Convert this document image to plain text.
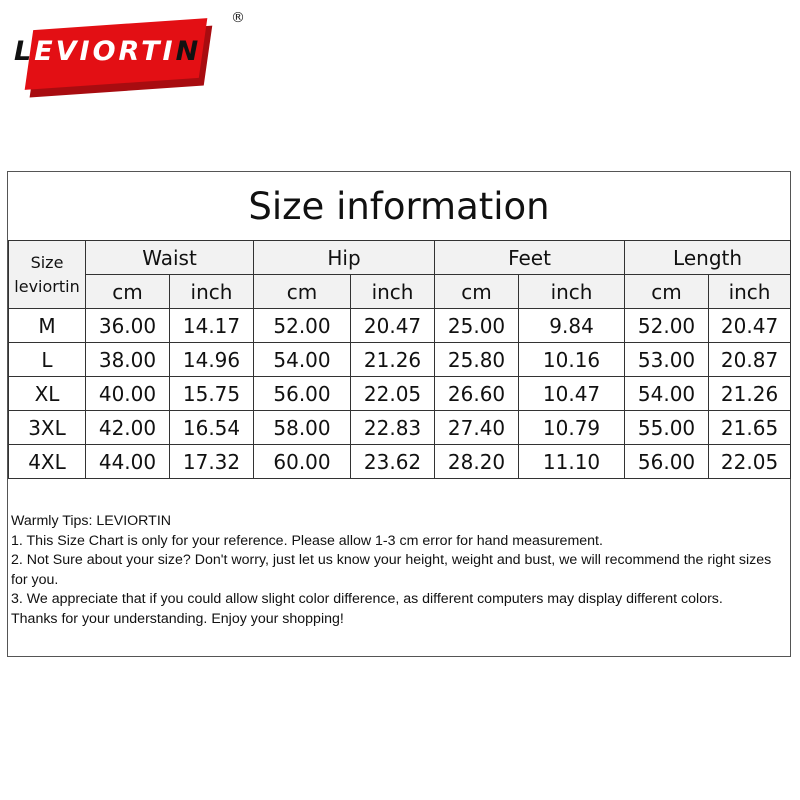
LEVIORTIN
®
Size information
Size
leviortin	Waist		Hip		Feet		Length	
	cm	inch	cm	inch	cm	inch	cm	inch
M	36.00	14.17	52.00	20.47	25.00	9.84	52.00	20.47
L	38.00	14.96	54.00	21.26	25.80	10.16	53.00	20.87
XL	40.00	15.75	56.00	22.05	26.60	10.47	54.00	21.26
3XL	42.00	16.54	58.00	22.83	27.40	10.79	55.00	21.65
4XL	44.00	17.32	60.00	23.62	28.20	11.10	56.00	22.05
Warmly Tips: LEVIORTIN
1. This Size Chart is only for your reference. Please allow 1-3 cm error for hand measurement.
2. Not Sure about your size? Don't worry, just let us know your height, weight and bust, we will recommend the right sizes for you.
3. We appreciate that if you could allow slight color difference, as different computers may display different colors.
Thanks for your understanding. Enjoy your shopping!
